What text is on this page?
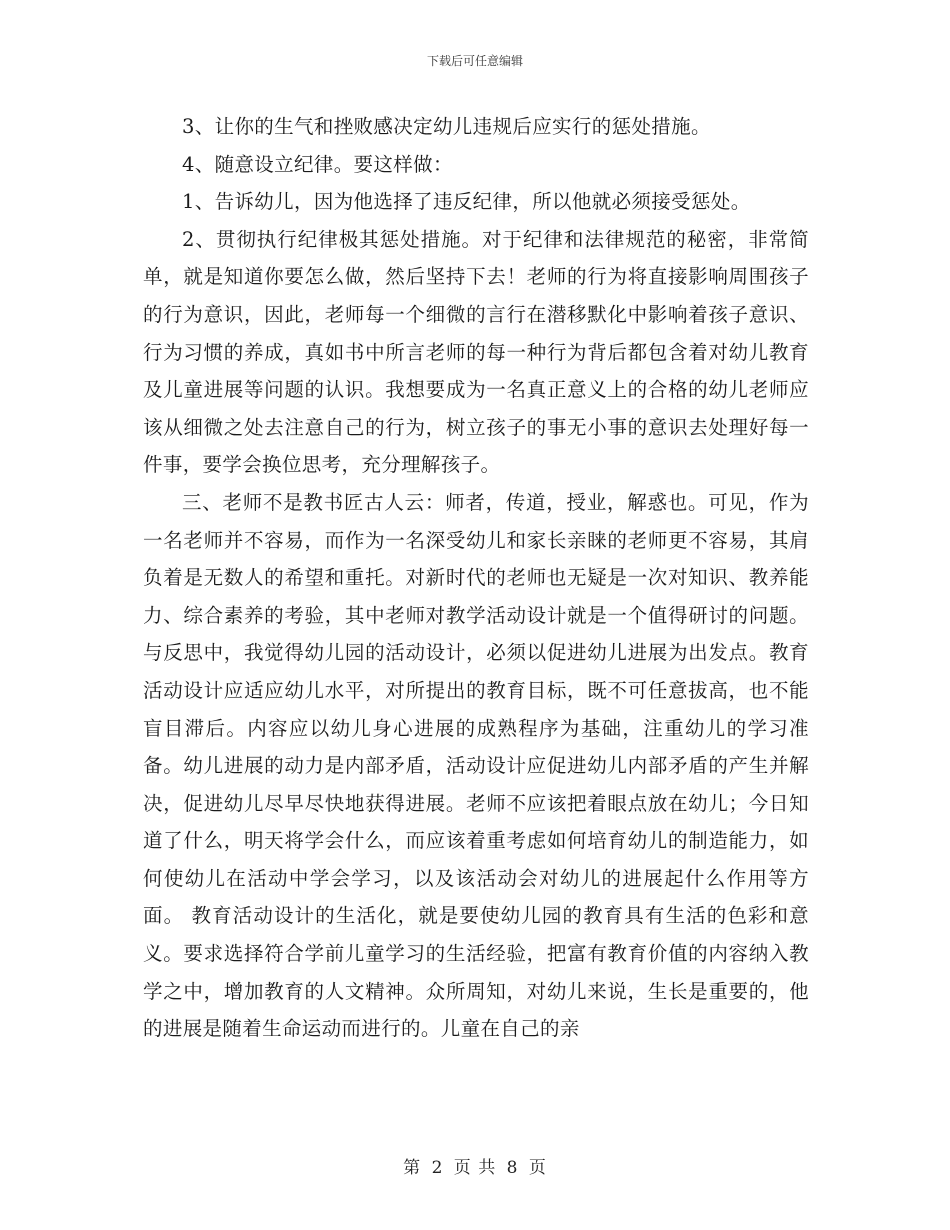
下载后可任意编辑

3、让你的生气和挫败感决定幼儿违规后应实行的惩处措施。

4、随意设立纪律。要这样做：

1、告诉幼儿，因为他选择了违反纪律，所以他就必须接受惩处。

2、贯彻执行纪律极其惩处措施。对于纪律和法律规范的秘密，非常简单，就是知道你要怎么做，然后坚持下去！老师的行为将直接影响周围孩子的行为意识，因此，老师每一个细微的言行在潜移默化中影响着孩子意识、行为习惯的养成，真如书中所言老师的每一种行为背后都包含着对幼儿教育及儿童进展等问题的认识。我想要成为一名真正意义上的合格的幼儿老师应该从细微之处去注意自己的行为，树立孩子的事无小事的意识去处理好每一件事，要学会换位思考，充分理解孩子。

三、老师不是教书匠古人云：师者，传道，授业，解惑也。可见，作为一名老师并不容易，而作为一名深受幼儿和家长亲睐的老师更不容易，其肩负着是无数人的希望和重托。对新时代的老师也无疑是一次对知识、教养能力、综合素养的考验，其中老师对教学活动设计就是一个值得研讨的问题。 与反思中，我觉得幼儿园的活动设计，必须以促进幼儿进展为出发点。教育活动设计应适应幼儿水平，对所提出的教育目标，既不可任意拔高，也不能盲目滞后。内容应以幼儿身心进展的成熟程序为基础，注重幼儿的学习准备。幼儿进展的动力是内部矛盾，活动设计应促进幼儿内部矛盾的产生并解决，促进幼儿尽早尽快地获得进展。老师不应该把着眼点放在幼儿；今日知道了什么，明天将学会什么，而应该着重考虑如何培育幼儿的制造能力，如何使幼儿在活动中学会学习，以及该活动会对幼儿的进展起什么作用等方面。 教育活动设计的生活化，就是要使幼儿园的教育具有生活的色彩和意义。要求选择符合学前儿童学习的生活经验，把富有教育价值的内容纳入教学之中，增加教育的人文精神。众所周知，对幼儿来说，生长是重要的，他的进展是随着生命运动而进行的。儿童在自己的亲

第 2 页 共 8 页
